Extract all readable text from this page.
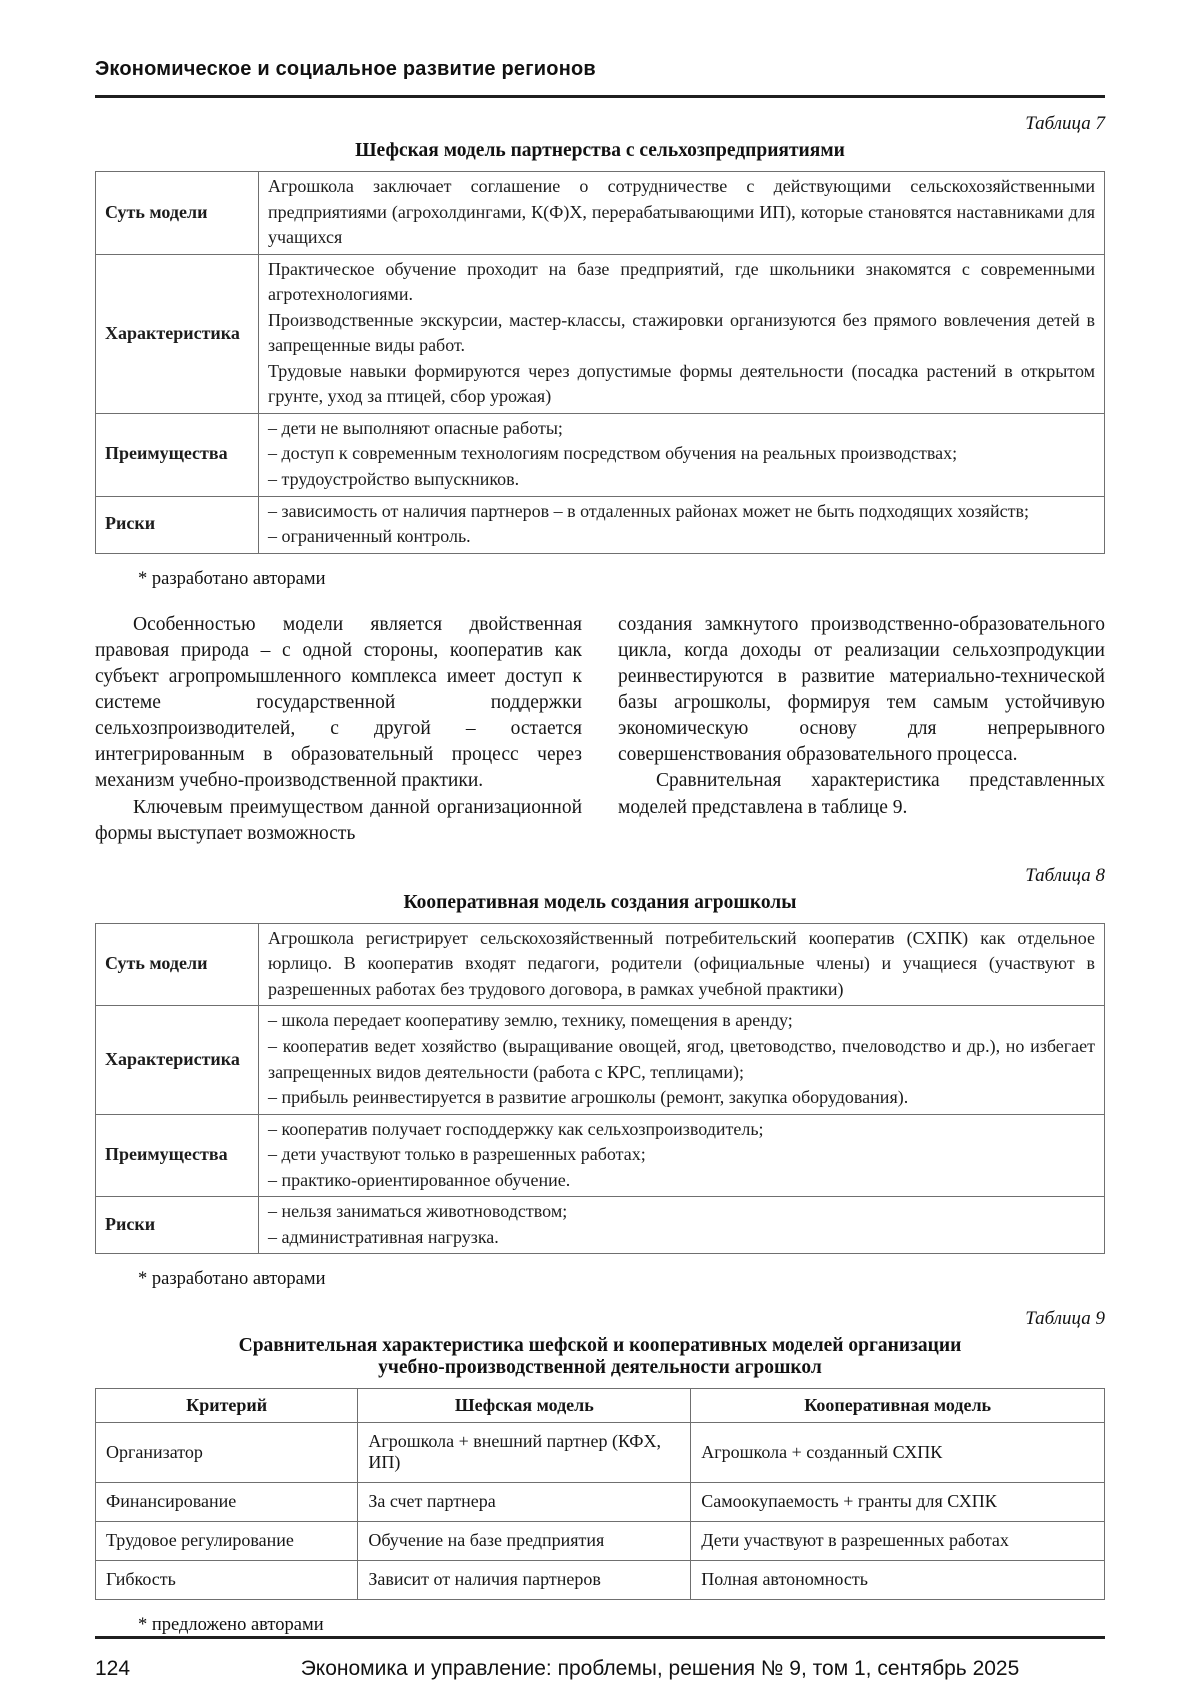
Экономическое и социальное развитие регионов
Таблица 7
Шефская модель партнерства с сельхозпредприятиями
Суть модели	Агрошкола заключает соглашение о сотрудничестве с действующими сельскохозяйственными предприятиями (агрохолдингами, К(Ф)Х, перерабатывающими ИП), которые становятся наставниками для учащихся
Характеристика	Практическое обучение проходит на базе предприятий, где школьники знакомятся с современными агротехнологиями.
Производственные экскурсии, мастер-классы, стажировки организуются без прямого вовлечения детей в запрещенные виды работ.
Трудовые навыки формируются через допустимые формы деятельности (посадка растений в открытом грунте, уход за птицей, сбор урожая)
Преимущества	– дети не выполняют опасные работы;
– доступ к современным технологиям посредством обучения на реальных производствах;
– трудоустройство выпускников.
Риски	– зависимость от наличия партнеров – в отдаленных районах может не быть подходящих хозяйств;
– ограниченный контроль.
* разработано авторами

Особенностью модели является двойственная правовая природа – с одной стороны, кооператив как субъект агропромышленного комплекса имеет доступ к системе государственной поддержки сельхозпроизводителей, с другой – остается интегрированным в образовательный процесс через механизм учебно-производственной практики.

Ключевым преимуществом данной организационной формы выступает возможность

создания замкнутого производственно-образовательного цикла, когда доходы от реализации сельхозпродукции реинвестируются в развитие материально-технической базы агрошколы, формируя тем самым устойчивую экономическую основу для непрерывного совершенствования образовательного процесса.

Сравнительная характеристика представленных моделей представлена в таблице 9.

Таблица 8
Кооперативная модель создания агрошколы
Суть модели	Агрошкола регистрирует сельскохозяйственный потребительский кооператив (СХПК) как отдельное юрлицо. В кооператив входят педагоги, родители (официальные члены) и учащиеся (участвуют в разрешенных работах без трудового договора, в рамках учебной практики)
Характеристика	– школа передает кооперативу землю, технику, помещения в аренду;
– кооператив ведет хозяйство (выращивание овощей, ягод, цветоводство, пчеловодство и др.), но избегает запрещенных видов деятельности (работа с КРС, теплицами);
– прибыль реинвестируется в развитие агрошколы (ремонт, закупка оборудования).
Преимущества	– кооператив получает господдержку как сельхозпроизводитель;
– дети участвуют только в разрешенных работах;
– практико-ориентированное обучение.
Риски	– нельзя заниматься животноводством;
– административная нагрузка.
* разработано авторами
Таблица 9
Сравнительная характеристика шефской и кооперативных моделей организации
учебно-производственной деятельности агрошкол
Критерий	Шефская модель	Кооперативная модель
Организатор	Агрошкола + внешний партнер (КФХ, ИП)	Агрошкола + созданный СХПК
Финансирование	За счет партнера	Самоокупаемость + гранты для СХПК
Трудовое регулирование	Обучение на базе предприятия	Дети участвуют в разрешенных работах
Гибкость	Зависит от наличия партнеров	Полная автономность
* предложено авторами
124	Экономика и управление: проблемы, решения № 9, том 1, сентябрь 2025
